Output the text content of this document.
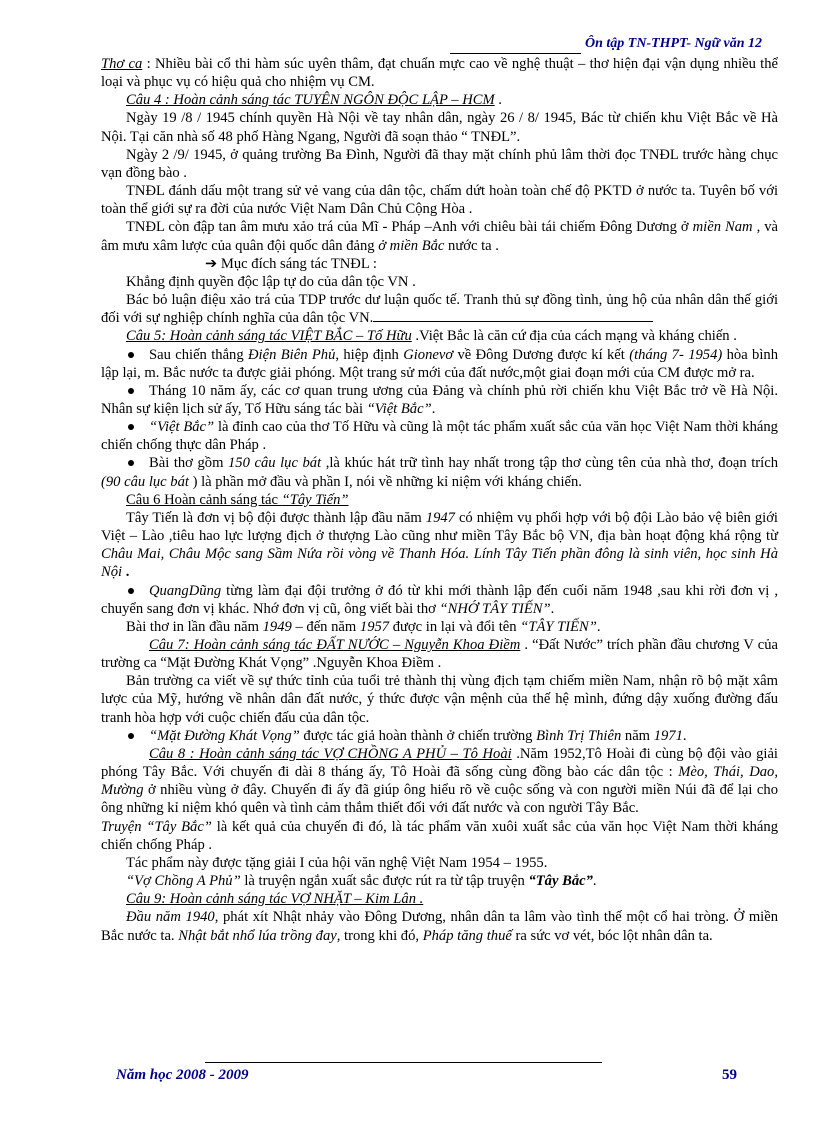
Ôn tập TN-THPT- Ngữ văn 12

Thơ ca : Nhiều bài cổ thi hàm súc uyên thâm, đạt chuẩn mực cao về nghệ thuật – thơ hiện đại vận dụng nhiều thể loại và phục vụ có hiệu quả cho nhiệm vụ CM.

Câu 4 : Hoàn cảnh sáng tác TUYÊN NGÔN ĐỘC LẬP – HCM .

Ngày 19 /8 / 1945 chính quyền Hà Nội về tay nhân dân, ngày 26 / 8/ 1945, Bác từ chiến khu Việt Bắc về Hà Nội. Tại căn nhà số 48 phố Hàng Ngang, Người đã soạn thảo “ TNĐL”.

Ngày 2 /9/ 1945, ở quảng trường Ba Đình, Người đã thay mặt chính phủ lâm thời đọc TNĐL trước hàng chục vạn đồng bào .

TNĐL đánh dấu một trang sử vẻ vang của dân tộc, chấm dứt hoàn toàn chế độ PKTD ở nước ta. Tuyên bố với toàn thể giới sự ra đời của nước Việt Nam Dân Chủ Cộng Hòa .

TNĐL còn đập tan âm mưu xảo trá của Mĩ - Pháp –Anh với chiêu bài tái chiếm Đông Dương ở miền Nam , và âm mưu xâm lược của quân đội quốc dân đảng ở miền Bắc nước ta .

➔ Mục đích sáng tác TNĐL :

Khẳng định quyền độc lập tự do của dân tộc VN .

Bác bỏ luận điệu xảo trá của TDP trước dư luận quốc tế. Tranh thủ sự đồng tình, ủng hộ của nhân dân thế giới đối với sự nghiệp chính nghĩa của dân tộc VN.

Câu 5: Hoàn cảnh sáng tác VIỆT BẮC – Tố Hữu .Việt Bắc là căn cứ địa của cách mạng và kháng chiến .

Sau chiến thắng Điện Biên Phủ, hiệp định Gionevơ về Đông Dương được kí kết (tháng 7- 1954) hòa bình lập lại, m. Bắc nước ta được giải phóng. Một trang sử mới của đất nước,một giai đoạn mới của CM được mở ra.

Tháng 10 năm ấy, các cơ quan trung ương của Đảng và chính phủ rời chiến khu Việt Bắc trở về Hà Nội. Nhân sự kiện lịch sử ấy, Tố Hữu sáng tác bài “Việt Bắc”.

“Việt Bắc” là đỉnh cao của thơ Tố Hữu và cũng là một tác phẩm xuất sắc của văn học Việt Nam thời kháng chiến chống thực dân Pháp .

Bài thơ gồm 150 câu lục bát ,là khúc hát trữ tình hay nhất trong tập thơ cùng tên của nhà thơ, đoạn trích (90 câu lục bát ) là phần mở đầu và phần I, nói về những kỉ niệm với kháng chiến.

Câu 6 Hoàn cảnh sáng tác “Tây Tiến”

Tây Tiến là đơn vị bộ đội được thành lập đầu năm 1947 có nhiệm vụ phối hợp với bộ đội Lào bảo vệ biên giới Việt – Lào ,tiêu hao lực lượng địch ở thượng Lào cũng như miền Tây Bắc bộ VN, địa bàn hoạt động khá rộng từ Châu Mai, Châu Mộc sang Sầm Nứa rồi vòng về Thanh Hóa. Lính Tây Tiến phần đông là sinh viên, học sinh Hà Nội .

QuangDũng từng làm đại đội trưởng ở đó từ khi mới thành lập đến cuối năm 1948 ,sau khi rời đơn vị , chuyển sang đơn vị khác. Nhớ đơn vị cũ, ông viết bài thơ “NHỚ TÂY TIẾN”.

Bài thơ in lần đầu năm 1949 – đến năm 1957 được in lại và đổi tên “TÂY TIẾN”.

Câu 7: Hoàn cảnh sáng tác ĐẤT NƯỚC – Nguyễn Khoa Điềm . “Đất Nước” trích phần đầu chương V của trường ca “Mặt Đường Khát Vọng” .Nguyễn Khoa Điềm .

Bản trường ca viết về sự thức tỉnh của tuổi trẻ thành thị vùng địch tạm chiếm miền Nam, nhận rõ bộ mặt xâm lược của Mỹ, hướng về nhân dân đất nước, ý thức được vận mệnh của thế hệ mình, đứng dậy xuống đường đấu tranh hòa hợp với cuộc chiến đấu của dân tộc.

“Mặt Đường Khát Vọng” được tác giả hoàn thành ở chiến trường Bình Trị Thiên năm 1971.

Câu 8 : Hoàn cảnh sáng tác VỢ CHỒNG A PHỦ – Tô Hoài .Năm 1952,Tô Hoài đi cùng bộ đội vào giải phóng Tây Bắc. Với chuyến đi dài 8 tháng ấy, Tô Hoài đã sống cùng đồng bào các dân tộc : Mèo, Thái, Dao, Mường ở nhiều vùng ở đây. Chuyến đi ấy đã giúp ông hiểu rõ về cuộc sống và con người miền Núi đã để lại cho ông những kỉ niệm khó quên và tình cảm thắm thiết đối với đất nước và con người Tây Bắc.

Truyện “Tây Bắc” là kết quả của chuyến đi đó, là tác phẩm văn xuôi xuất sắc của văn học Việt Nam thời kháng chiến chống Pháp .

Tác phẩm này được tặng giải I của hội văn nghệ Việt Nam 1954 – 1955.

“Vợ Chồng A Phủ” là truyện ngắn xuất sắc được rút ra từ tập truyện “Tây Bắc”.

Câu 9: Hoàn cảnh sáng tác VỢ NHẶT – Kim Lân .

Đầu năm 1940, phát xít Nhật nhảy vào Đông Dương, nhân dân ta lâm vào tình thế một cổ hai tròng. Ở miền Bắc nước ta. Nhật bắt nhổ lúa trồng đay, trong khi đó, Pháp tăng thuế ra sức vơ vét, bóc lột nhân dân ta.

Năm học 2008 - 2009	59
